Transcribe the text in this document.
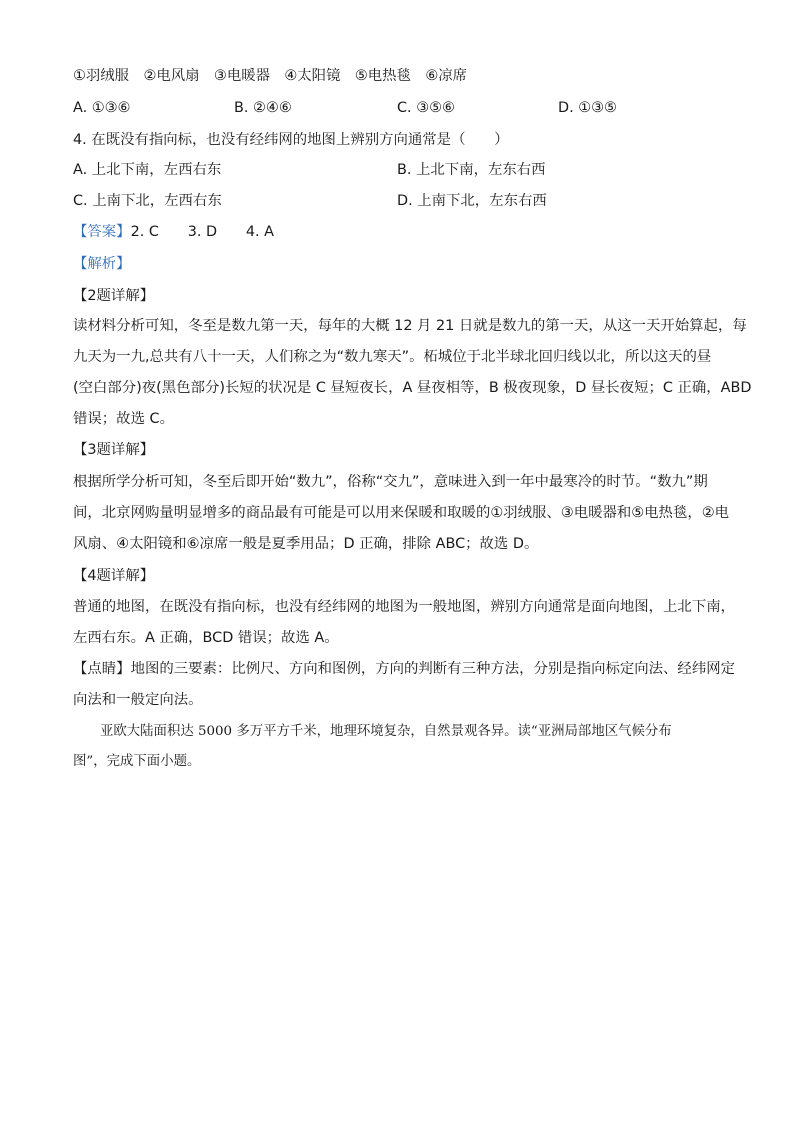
①羽绒服　②电风扇　③电暖器　④太阳镜　⑤电热毯　⑥凉席
A. ①③⑥	B. ②④⑥	C. ③⑤⑥	D. ①③⑤
4. 在既没有指向标，也没有经纬网的地图上辨别方向通常是（　　）
A. 上北下南，左西右东	B. 上北下南，左东右西
C. 上南下北，左西右东	D. 上南下北，左东右西
【答案】2. C　　3. D　　4. A
【解析】
【2题详解】
读材料分析可知，冬至是数九第一天，每年的大概 12 月 21 日就是数九的第一天，从这一天开始算起，每
九天为一九,总共有八十一天，人们称之为“数九寒天”。柘城位于北半球北回归线以北，所以这天的昼
(空白部分)夜(黑色部分)长短的状况是 C 昼短夜长，A 昼夜相等，B 极夜现象，D 昼长夜短；C 正确，ABD
错误；故选 C。
【3题详解】
根据所学分析可知，冬至后即开始“数九”，俗称“交九”，意味进入到一年中最寒冷的时节。“数九”期
间，北京网购量明显增多的商品最有可能是可以用来保暖和取暖的①羽绒服、③电暖器和⑤电热毯，②电
风扇、④太阳镜和⑥凉席一般是夏季用品；D 正确，排除 ABC；故选 D。
【4题详解】
普通的地图，在既没有指向标，也没有经纬网的地图为一般地图，辨别方向通常是面向地图，上北下南，
左西右东。A 正确，BCD 错误；故选 A。
【点睛】地图的三要素：比例尺、方向和图例，方向的判断有三种方法，分别是指向标定向法、经纬网定
向法和一般定向法。
亚欧大陆面积达 5000 多万平方千米，地理环境复杂，自然景观各异。读“亚洲局部地区气候分布
图”，完成下面小题。
